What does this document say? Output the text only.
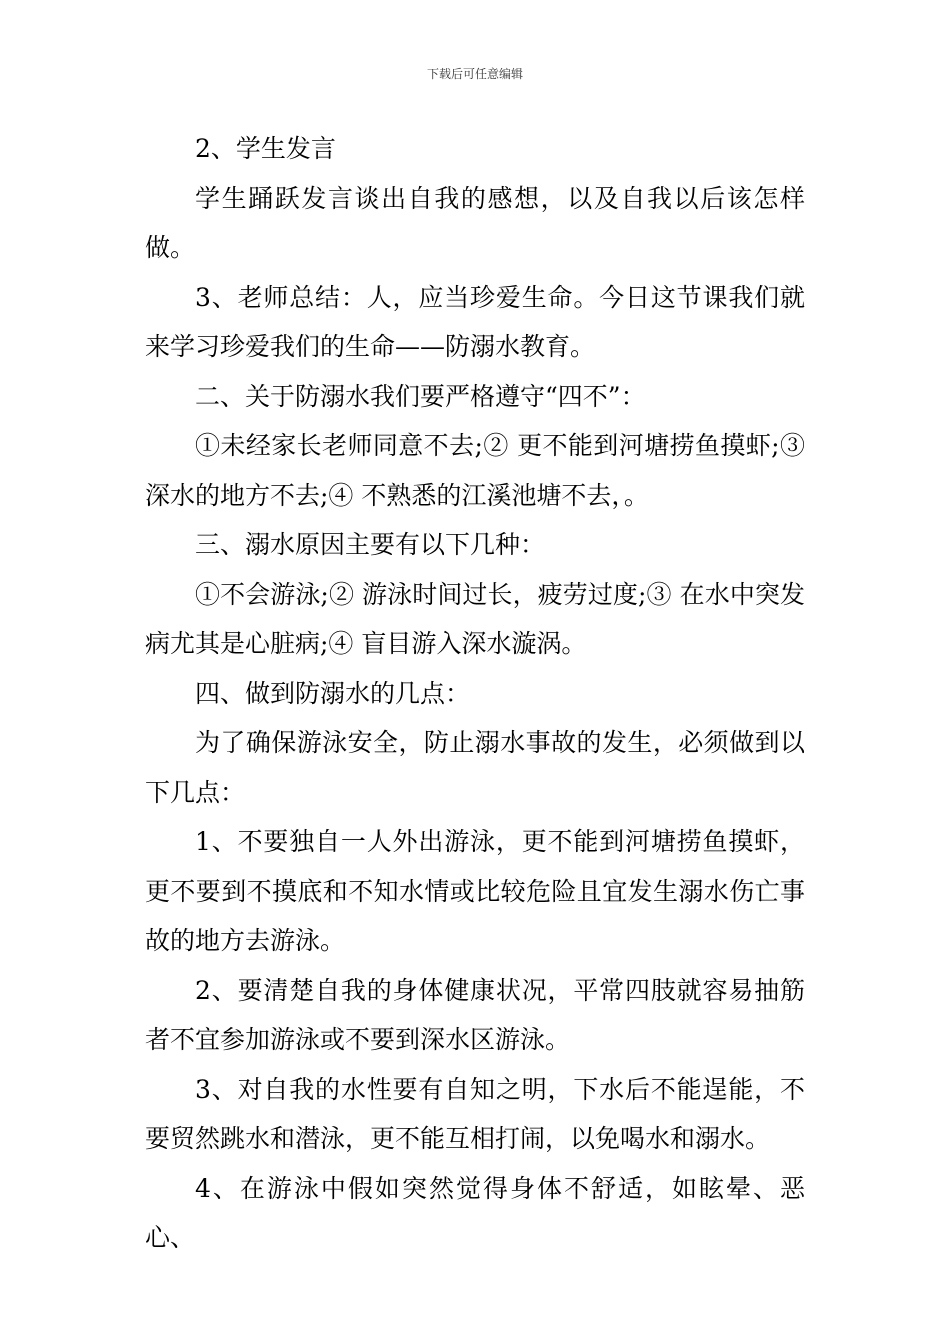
下载后可任意编辑

2、学生发言

学生踊跃发言谈出自我的感想，以及自我以后该怎样做。

3、老师总结：人，应当珍爱生命。今日这节课我们就来学习珍爱我们的生命——防溺水教育。

二、关于防溺水我们要严格遵守“四不”：

①未经家长老师同意不去;② 更不能到河塘捞鱼摸虾;③ 深水的地方不去;④ 不熟悉的江溪池塘不去，。

三、溺水原因主要有以下几种：

①不会游泳;② 游泳时间过长，疲劳过度;③ 在水中突发病尤其是心脏病;④ 盲目游入深水漩涡。

四、做到防溺水的几点：

为了确保游泳安全，防止溺水事故的发生，必须做到以下几点：

1、不要独自一人外出游泳，更不能到河塘捞鱼摸虾，更不要到不摸底和不知水情或比较危险且宜发生溺水伤亡事故的地方去游泳。

2、要清楚自我的身体健康状况，平常四肢就容易抽筋者不宜参加游泳或不要到深水区游泳。

3、对自我的水性要有自知之明，下水后不能逞能，不要贸然跳水和潜泳，更不能互相打闹，以免喝水和溺水。

4、在游泳中假如突然觉得身体不舒适，如眩晕、恶心、
